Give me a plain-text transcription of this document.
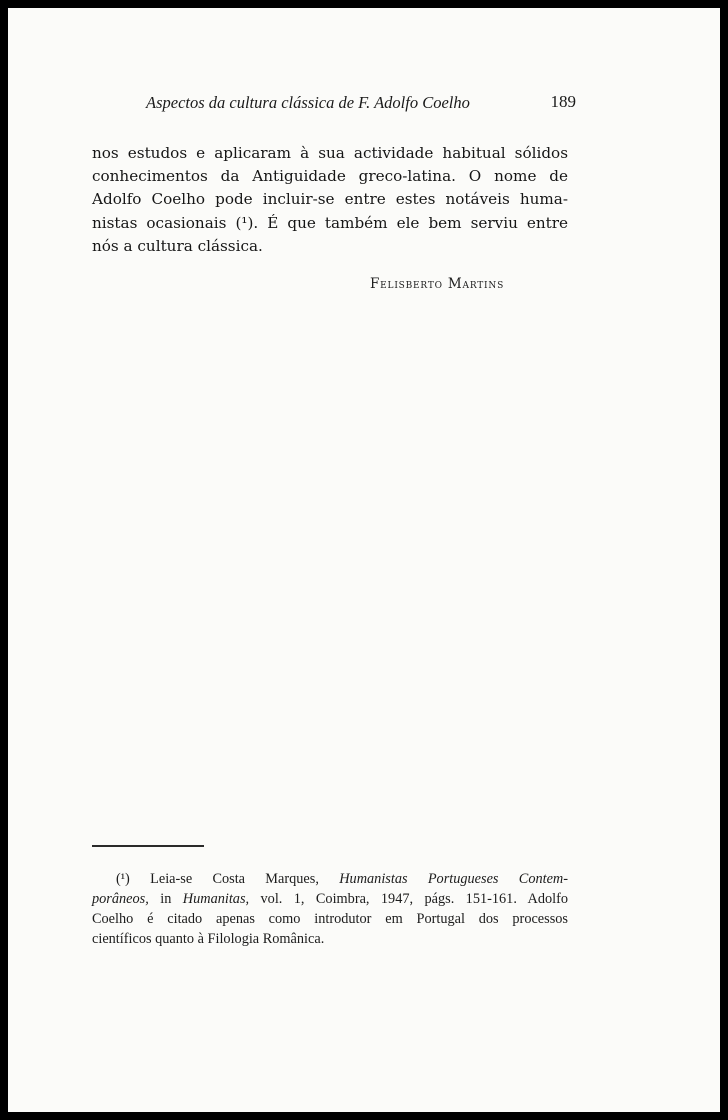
Aspectos da cultura clássica de F. Adolfo Coelho	189
nos estudos e aplicaram à sua actividade habitual sólidos
conhecimentos da Antiguidade greco-latina. O nome de
Adolfo Coelho pode incluir-se entre estes notáveis huma-
nistas ocasionais (¹). É que também ele bem serviu entre
nós a cultura clássica.
Felisberto Martins
(¹) Leia-se Costa Marques, Humanistas Portugueses Contem-
porâneos, in Humanitas, vol. 1, Coimbra, 1947, págs. 151-161. Adolfo
Coelho é citado apenas como introdutor em Portugal dos processos
científicos quanto à Filologia Românica.
